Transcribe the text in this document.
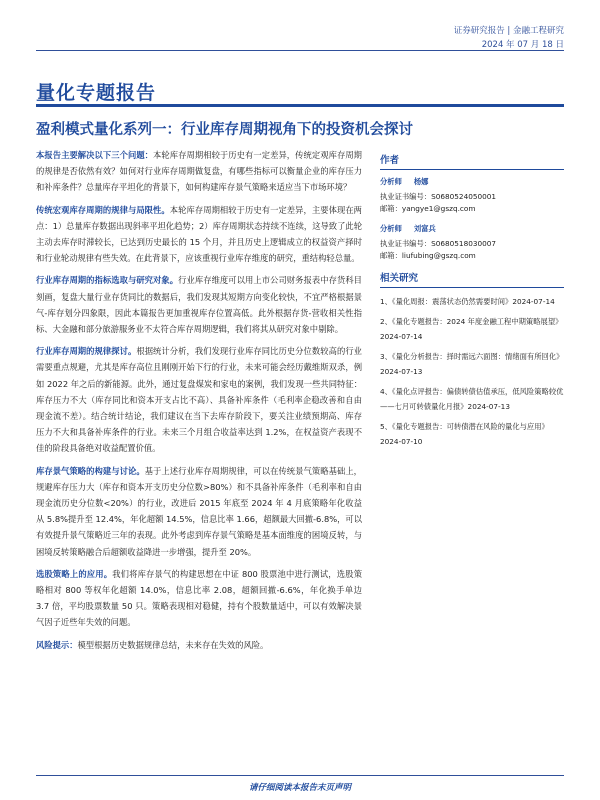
证券研究报告 | 金融工程研究
2024 年 07 月 18 日
量化专题报告
盈利模式量化系列一：行业库存周期视角下的投资机会探讨

本报告主要解决以下三个问题：本轮库存周期相较于历史有一定差异，传统定观库存周期的规律是否依然有效？如何对行业库存周期做复盘，有哪些指标可以衡量企业的库存压力和补库条件？总量库存平坦化的背景下，如何构建库存景气策略来适应当下市场环境？

传统宏观库存周期的规律与局限性。本轮库存周期相较于历史有一定差异，主要体现在两点：1）总量库存数据出现斜率平坦化趋势；2）库存周期状态持续不连续，这导致了此轮主动去库存时滞较长，已达到历史最长的 15 个月，并且历史上逻辑成立的权益资产择时和行业轮动规律有些失效。在此背景下，应该重视行业库存维度的研究，重结构轻总量。

行业库存周期的指标选取与研究对象。行业库存维度可以用上市公司财务报表中存货科目刻画，复盘大量行业存货同比的数据后，我们发现其短期方向变化较快，不宜严格根据景气-库存划分四象限，因此本篇报告更加重视库存位置高低。此外根据存货-营收相关性指标、大金融和部分旅游服务业不太符合库存周期逻辑，我们将其从研究对象中剔除。

行业库存周期的规律探讨。根据统计分析，我们发现行业库存同比历史分位数较高的行业需要重点规避，尤其是库存高位且刚刚开始下行的行业，未来可能会经历戴维斯双杀，例如 2022 年之后的新能源。此外，通过复盘煤炭和家电的案例，我们发现一些共同特征：库存压力不大（库存同比和资本开支占比不高）、具备补库条件（毛利率企稳改善和自由现金流不差）。结合统计结论，我们建议在当下去库存阶段下，要关注业绩预期高、库存压力不大和具备补库条件的行业。未来三个月组合收益率达到 1.2%，在权益资产表现不佳的阶段具备绝对收益配置价值。

库存景气策略的构建与讨论。基于上述行业库存周期规律，可以在传统景气策略基础上，规避库存压力大（库存和资本开支历史分位数>80%）和不具备补库条件（毛利率和自由现金流历史分位数<20%）的行业，改进后 2015 年底至 2024 年 4 月底策略年化收益从 5.8%提升至 12.4%，年化超额 14.5%，信息比率 1.66，超额最大回撤-6.8%，可以有效提升景气策略近三年的表现。此外考虑到库存景气策略是基本面维度的困境反转，与困境反转策略融合后超额收益降进一步增强，提升至 20%。

选股策略上的应用。我们将库存景气的构建思想在中证 800 股票池中进行测试，选股策略相对 800 等权年化超额 14.0%，信息比率 2.08，超额回撤-6.6%，年化换手单边 3.7 倍，平均股票数量 50 只。策略表现相对稳健，持有个股数量适中，可以有效解决景气因子近些年失效的问题。

风险提示：模型根据历史数据规律总结，未来存在失效的风险。

作者
分析师 杨娜
执业证书编号：S0680524050001
邮箱：yangye1@gszq.com
分析师 刘富兵
执业证书编号：S0680518030007
邮箱：liufubing@gszq.com
相关研究
1、《量化周报：震荡状态仍然需要时间》2024-07-14
2、《量化专题报告：2024 年度金融工程中期策略展望》2024-07-14
3、《量化分析报告：择时需远六面图：情绪面有所回化》2024-07-13
4、《量化点评报告：偏债转债估值承压，低风险策略较优——七月可转债量化月报》2024-07-13
5、《量化专题报告：可转债潜在风险的量化与应用》2024-07-10
请仔细阅读本报告末页声明
